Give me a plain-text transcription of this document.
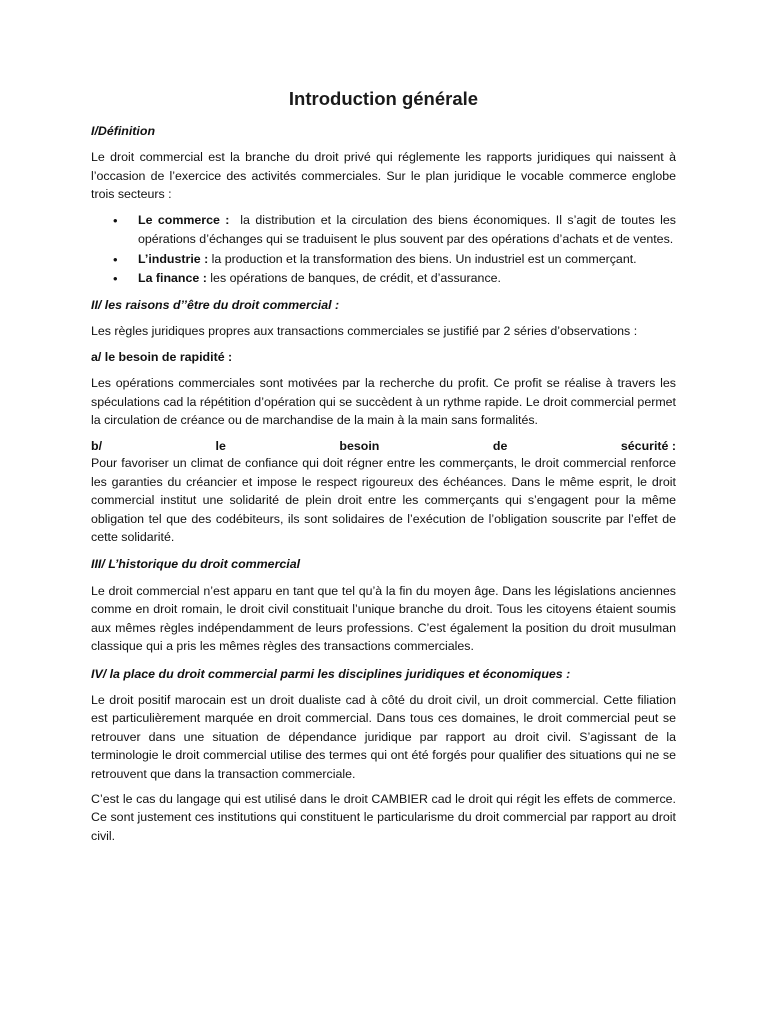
Introduction générale
I/Définition

Le droit commercial est la branche du droit privé qui réglemente les rapports juridiques qui naissent à l’occasion de l’exercice des activités commerciales. Sur le plan juridique le vocable commerce englobe trois secteurs :

• Le commerce :  la distribution et la circulation des biens économiques. Il s’agit de toutes les opérations d’échanges qui se traduisent le plus souvent par des opérations d’achats et de ventes.
• L’industrie : la production et la transformation des biens. Un industriel est un commerçant.
• La finance : les opérations de banques, de crédit, et d’assurance.
II/ les raisons d’’être du droit commercial :

Les règles juridiques propres aux transactions commerciales se justifié par 2 séries d’observations :

a/ le besoin de rapidité :

Les opérations commerciales sont motivées par la recherche du profit. Ce profit se réalise à travers les spéculations cad la répétition d’opération qui se succèdent à un rythme rapide. Le droit commercial permet la circulation de créance ou de marchandise de la main à la main sans formalités.

b/	le	besoin	de	sécurité :

Pour favoriser un climat de confiance qui doit régner entre les commerçants, le droit commercial renforce les garanties du créancier et impose le respect rigoureux des échéances. Dans le même esprit, le droit commercial institut une solidarité de plein droit entre les commerçants qui s’engagent pour la même obligation tel que des codébiteurs, ils sont solidaires de l’exécution de l’obligation souscrite par l’effet de cette solidarité.

III/ L’historique du droit commercial

Le droit commercial n’est apparu en tant que tel qu’à la fin du moyen âge. Dans les législations anciennes comme en droit romain, le droit civil constituait l’unique branche du droit. Tous les citoyens étaient soumis aux mêmes règles indépendamment de leurs professions. C’est également la position du droit musulman classique qui a pris les mêmes règles des transactions commerciales.

IV/ la place du droit commercial parmi les disciplines juridiques et économiques :

Le droit positif marocain est un droit dualiste cad à côté du droit civil, un droit commercial. Cette filiation est particulièrement marquée en droit commercial. Dans tous ces domaines, le droit commercial peut se retrouver dans une situation de dépendance juridique par rapport au droit civil. S’agissant de la terminologie le droit commercial utilise des termes qui ont été forgés pour qualifier des situations qui ne se retrouvent que dans la transaction commerciale.

C’est le cas du langage qui est utilisé dans le droit CAMBIER cad le droit qui régit les effets de commerce. Ce sont justement ces institutions qui constituent le particularisme du droit commercial par rapport au droit civil.
